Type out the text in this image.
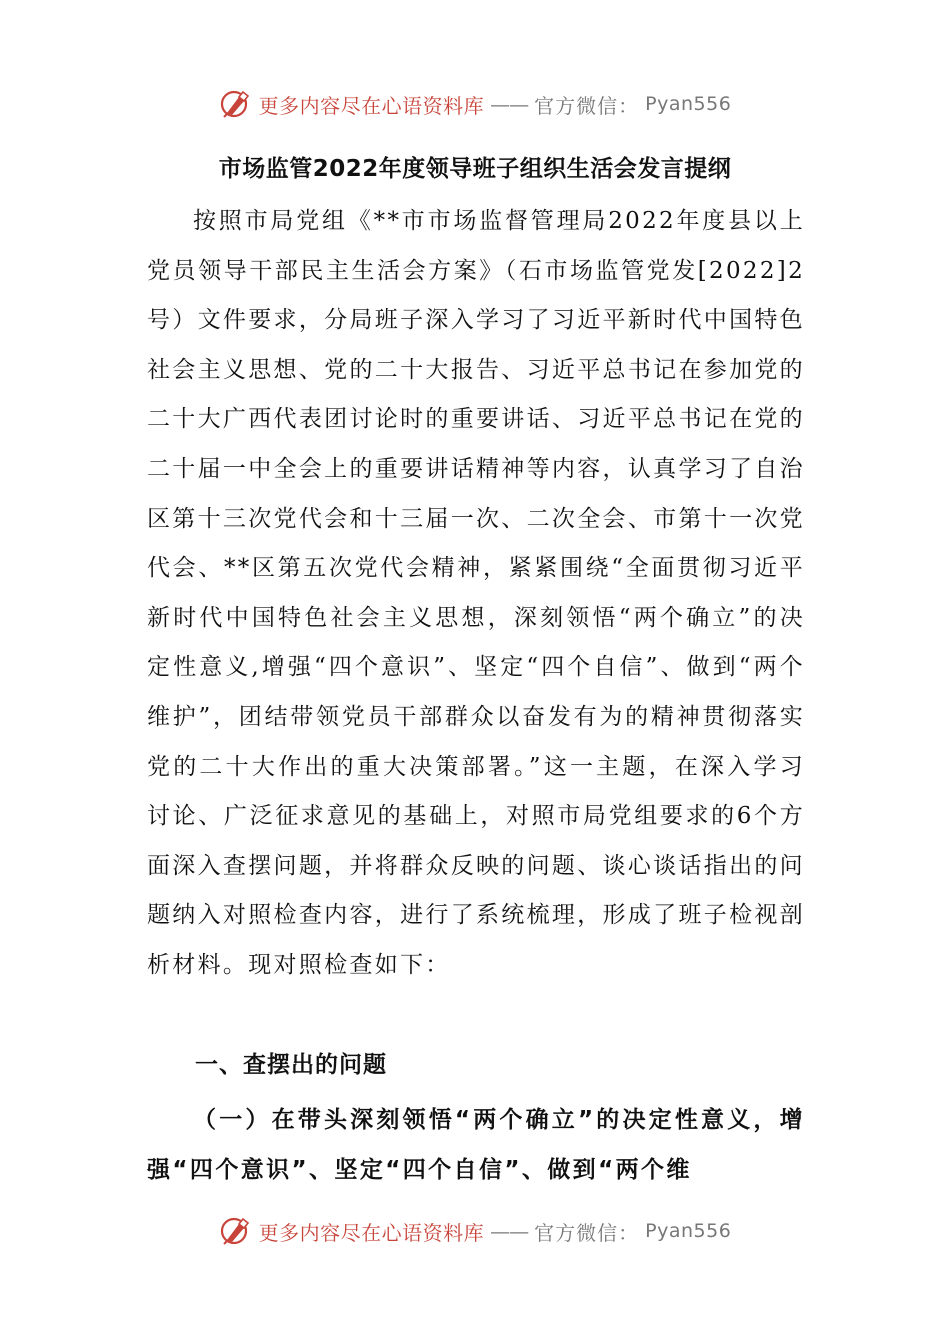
更多内容尽在心语资料库 —— 官方微信： Pyan556
市场监管2022年度领导班子组织生活会发言提纲

按照市局党组《**市市场监督管理局2022年度县以上党员领导干部民主生活会方案》（石市场监管党发[2022]2号）文件要求，分局班子深入学习了习近平新时代中国特色社会主义思想、党的二十大报告、习近平总书记在参加党的二十大广西代表团讨论时的重要讲话、习近平总书记在党的二十届一中全会上的重要讲话精神等内容，认真学习了自治区第十三次党代会和十三届一次、二次全会、市第十一次党代会、**区第五次党代会精神，紧紧围绕“全面贯彻习近平新时代中国特色社会主义思想，深刻领悟“两个确立”的决定性意义,增强“四个意识”、坚定“四个自信”、做到“两个维护”，团结带领党员干部群众以奋发有为的精神贯彻落实党的二十大作出的重大决策部署。”这一主题，在深入学习讨论、广泛征求意见的基础上，对照市局党组要求的6个方面深入查摆问题，并将群众反映的问题、谈心谈话指出的问题纳入对照检查内容，进行了系统梳理，形成了班子检视剖析材料。现对照检查如下：

一、查摆出的问题

（一）在带头深刻领悟“两个确立”的决定性意义，增强“四个意识”、坚定“四个自信”、做到“两个维

更多内容尽在心语资料库 —— 官方微信： Pyan556
